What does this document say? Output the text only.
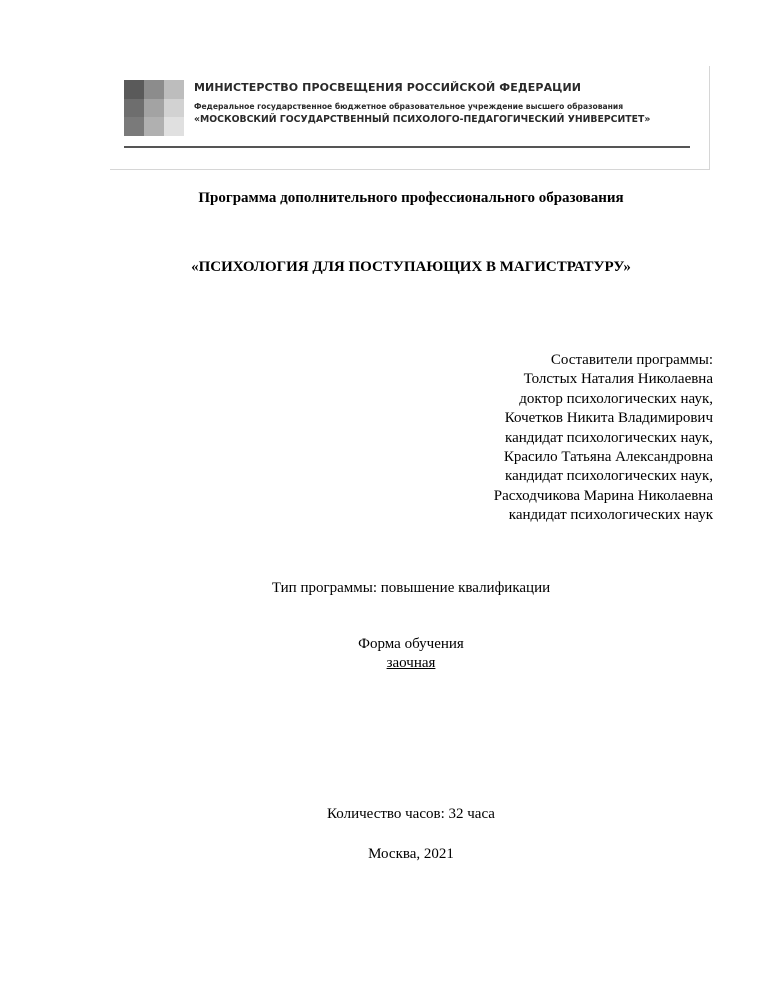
МИНИСТЕРСТВО ПРОСВЕЩЕНИЯ РОССИЙСКОЙ ФЕДЕРАЦИИ
Федеральное государственное бюджетное образовательное учреждение высшего образования
«МОСКОВСКИЙ ГОСУДАРСТВЕННЫЙ ПСИХОЛОГО-ПЕДАГОГИЧЕСКИЙ УНИВЕРСИТЕТ»
Программа дополнительного профессионального образования
«ПСИХОЛОГИЯ ДЛЯ ПОСТУПАЮЩИХ В МАГИСТРАТУРУ»
Составители программы:
Толстых Наталия Николаевна
доктор психологических наук,
Кочетков Никита Владимирович
кандидат психологических наук,
Красило Татьяна Александровна
кандидат психологических наук,
Расходчикова Марина Николаевна
кандидат психологических наук
Тип программы: повышение квалификации
Форма обучения
заочная
Количество часов: 32 часа
Москва, 2021
